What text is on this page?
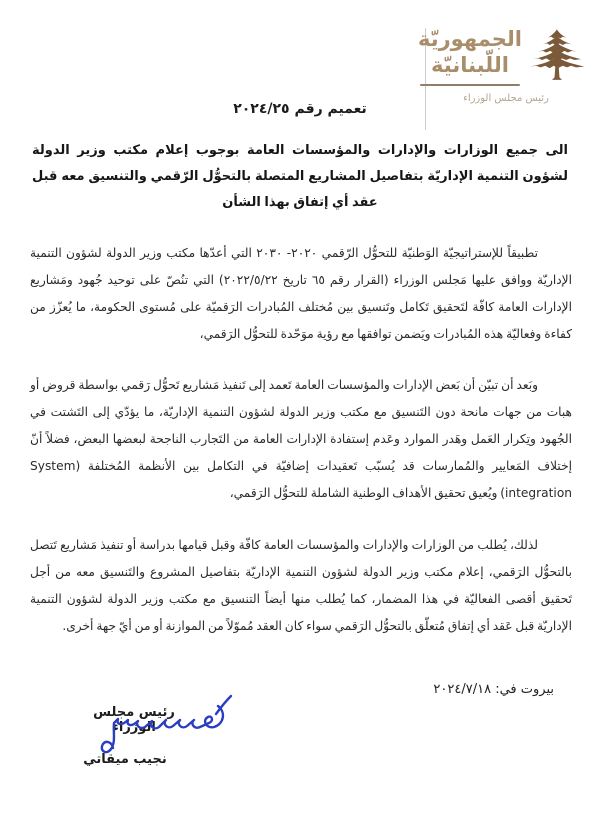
الجمهوريّة
اللّبنانيّة
رئيس مجلس الوزراء
تعميم رقم ٢٠٢٤/٢٥
الى جميع الوزارات والإدارات والمؤسسات العامة بوجوب إعلام مكتب وزير الدولة لشؤون التنمية الإداريّة بتفاصيل المشاريع المتصلة بالتحوُّل الرّقمي والتنسيق معه قبل عقد أي إتفاق بهذا الشأن

تطبيقاً للإستراتيجيّة الوَطنيّة للتحوُّل الرّقمي ٢٠٢٠- ٢٠٣٠ التي أعدّها مكتب وزير الدولة لشؤون التنمية الإداريّة ووافق عليها مَجلس الوزراء (القرار رقم ٦٥ تاريخ ٢٠٢٢/٥/٢٢) التي تنُصّ على توحيد جُهود ومَشاريع الإدارات العامة كافّة لتَحقيق تَكامل وتَنسيق بين مُختلف المُبادرات الرَقميّة على مُستوى الحكومة، ما يُعزّز من كفاءة وفعاليّة هذه المُبادرات ويَضمن توافقها مع رؤية موَحّدة للتحوُّل الرَقمي،

وبَعد أن تبيّن أن بَعض الإدارات والمؤسسات العامة تَعمد إلى تَنفيذ مَشاريع تَحوُّل رَقمي بواسطة قروض أو هبات من جهات مانحة دون التَنسيق مع مكتب وزير الدولة لشؤون التنمية الإداريّة، ما يؤدّي إلى التَشتت في الجُهود وتِكرار العَمل وهَدر الموارد وعَدم إستفادة الإدارات العامة من التَجارب الناجحة لبعضها البعض، فضلاً أنّ إختلاف المَعايير والمُمارسات قد يُسبّب تَعقيدات إضافيّة في التكامل بين الأنظمة المُختلفة (System integration) ويُعيق تحقيق الأهداف الوطنية الشاملة للتحوُّل الرَقمي،

لذلك، يُطلب من الوزارات والإدارات والمؤسسات العامة كافّة وقبل قيامها بدراسة أو تنفيذ مَشاريع تَتصل بالتحوُّل الرَقمي، إعلام مكتب وزير الدولة لشؤون التنمية الإداريّة بتفاصيل المشروع والتَنسيق معه من أجل تَحقيق أقصى الفعاليّة في هذا المضمار، كما يُطلب منها أيضاً التنسيق مع مكتب وزير الدولة لشؤون التنمية الإداريّة قبل عَقد أي إتفاق مُتعلّق بالتحوُّل الرَقمي سواء كان العقد مُموّلاً من الموازنة أو من أيّ جهة أخرى.

بيروت في: ٢٠٢٤/٧/١٨
رئيس مجلس الوزراء
نجيب ميقاتي
